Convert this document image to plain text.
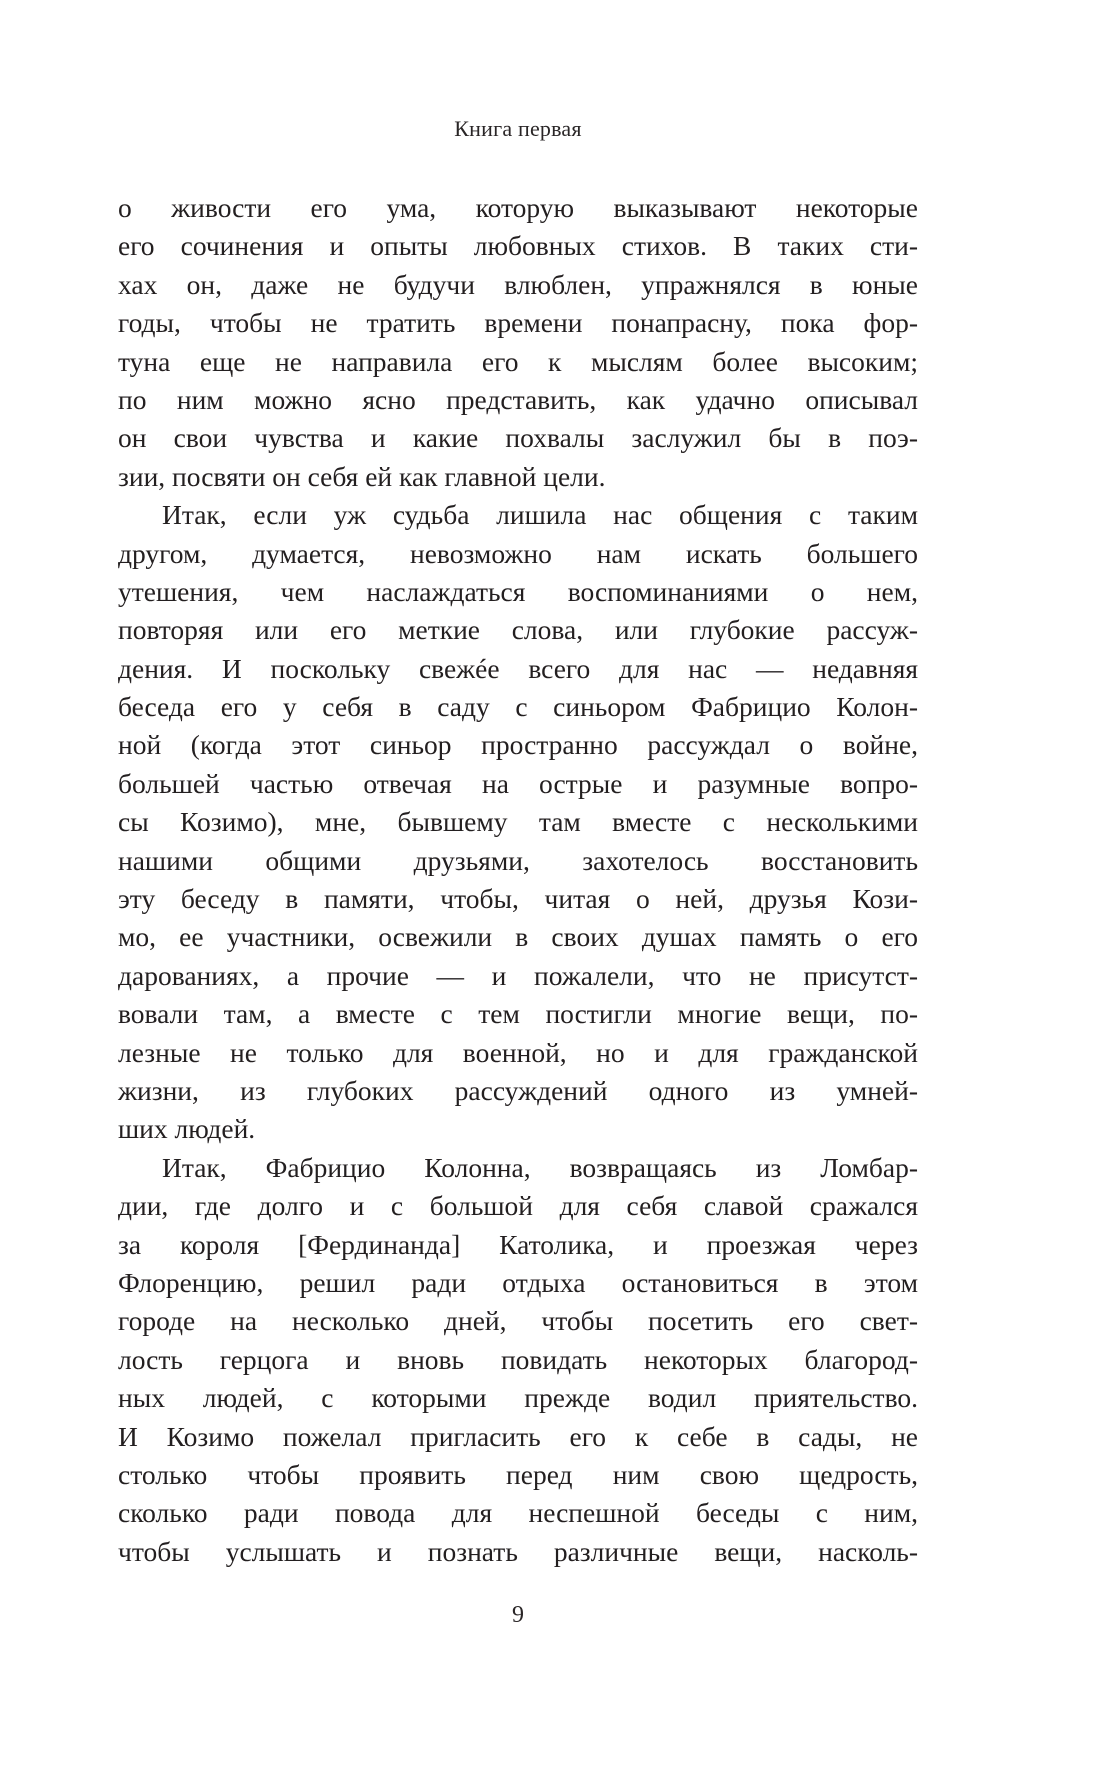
Книга первая
о живости его ума, которую выказывают некоторые
его сочинения и опыты любовных стихов. В таких сти-
хах он, даже не будучи влюблен, упражнялся в юные
годы, чтобы не тратить времени понапрасну, пока фор-
туна еще не направила его к мыслям более высоким;
по ним можно ясно представить, как удачно описывал
он свои чувства и какие похвалы заслужил бы в поэ-
зии, посвяти он себя ей как главной цели.
Итак, если уж судьба лишила нас общения с таким
другом, думается, невозможно нам искать большего
утешения, чем наслаждаться воспоминаниями о нем,
повторяя или его меткие слова, или глубокие рассуж-
дения. И поскольку свежée всего для нас — недавняя
беседа его у себя в саду с синьором Фабрицио Колон-
ной (когда этот синьор пространно рассуждал о войне,
большей частью отвечая на острые и разумные вопро-
сы Козимо), мне, бывшему там вместе с несколькими
нашими общими друзьями, захотелось восстановить
эту беседу в памяти, чтобы, читая о ней, друзья Кози-
мо, ее участники, освежили в своих душах память о его
дарованиях, а прочие — и пожалели, что не присутст-
вовали там, а вместе с тем постигли многие вещи, по-
лезные не только для военной, но и для гражданской
жизни, из глубоких рассуждений одного из умней-
ших людей.
Итак, Фабрицио Колонна, возвращаясь из Ломбар-
дии, где долго и с большой для себя славой сражался
за короля [Фердинанда] Католика, и проезжая через
Флоренцию, решил ради отдыха остановиться в этом
городе на несколько дней, чтобы посетить его свет-
лость герцога и вновь повидать некоторых благород-
ных людей, с которыми прежде водил приятельство.
И Козимо пожелал пригласить его к себе в сады, не
столько чтобы проявить перед ним свою щедрость,
сколько ради повода для неспешной беседы с ним,
чтобы услышать и познать различные вещи, насколь-
9
